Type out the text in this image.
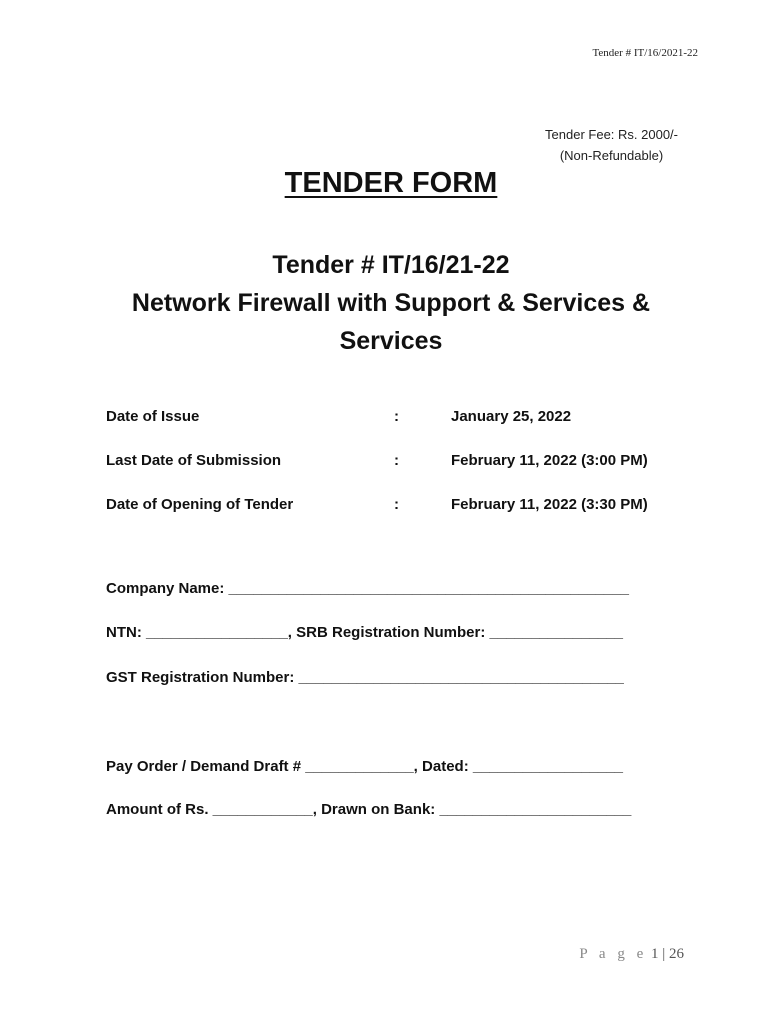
Tender # IT/16/2021-22
Tender Fee: Rs. 2000/-
(Non-Refundable)
TENDER FORM
Tender # IT/16/21-22
Network Firewall with Support & Services &
Services
Date of Issue	:	January 25, 2022
Last Date of Submission	:	February 11, 2022 (3:00 PM)
Date of Opening of Tender	:	February 11, 2022 (3:30 PM)
Company Name: ________________________________________________
NTN: _________________, SRB Registration Number: ________________
GST Registration Number: _______________________________________
Pay Order / Demand Draft # _____________, Dated: __________________
Amount of Rs. ____________, Drawn on Bank: _______________________
P a g e 1 | 26
